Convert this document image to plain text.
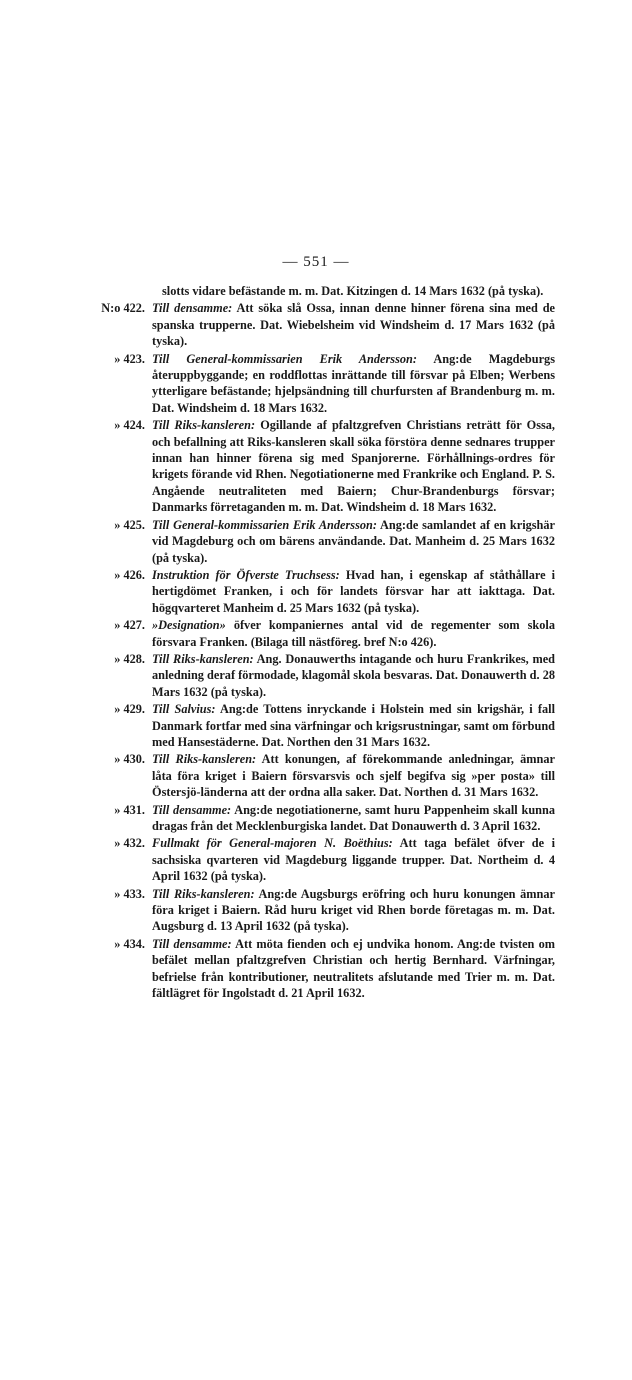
— 551 —
slotts vidare befästande m. m. Dat. Kitzingen d. 14 Mars 1632 (på tyska).
N:o 422. Till densamme: Att söka slå Ossa, innan denne hinner förena sina med de spanska trupperne. Dat. Wiebelsheim vid Windsheim d. 17 Mars 1632 (på tyska).
» 423. Till General-kommissarien Erik Andersson: Ang:de Magdeburgs återuppbyggande; en roddflottas inrättande till försvar på Elben; Werbens ytterligare befästande; hjelpsändning till churfursten af Brandenburg m. m. Dat. Windsheim d. 18 Mars 1632.
» 424. Till Riks-kansleren: Ogillande af pfaltzgrefven Christians reträtt för Ossa, och befallning att Riks-kansleren skall söka förstöra denne sednares trupper innan han hinner förena sig med Spanjorerne. Förhållnings-ordres för krigets förande vid Rhen. Negotiationerne med Frankrike och England. P. S. Angående neutraliteten med Baiern; Chur-Brandenburgs försvar; Danmarks förretaganden m. m. Dat. Windsheim d. 18 Mars 1632.
» 425. Till General-kommissarien Erik Andersson: Ang:de samlandet af en krigshär vid Magdeburg och om bärens användande. Dat. Manheim d. 25 Mars 1632 (på tyska).
» 426. Instruktion för Öfverste Truchsess: Hvad han, i egenskap af ståthållare i hertigdömet Franken, i och för landets försvar har att iakttaga. Dat. högqvarteret Manheim d. 25 Mars 1632 (på tyska).
» 427. »Designation» öfver kompaniernes antal vid de regementer som skola försvara Franken. (Bilaga till nästföreg. bref N:o 426).
» 428. Till Riks-kansleren: Ang. Donauwerths intagande och huru Frankrikes, med anledning deraf förmodade, klagomål skola besvaras. Dat. Donauwerth d. 28 Mars 1632 (på tyska).
» 429. Till Salvius: Ang:de Tottens inryckande i Holstein med sin krigshär, i fall Danmark fortfar med sina värfningar och krigsrustningar, samt om förbund med Hansestäderne. Dat. Northen den 31 Mars 1632.
» 430. Till Riks-kansleren: Att konungen, af förekommande anledningar, ämnar låta föra kriget i Baiern försvarsvis och sjelf begifva sig »per posta» till Östersjö-länderna att der ordna alla saker. Dat. Northen d. 31 Mars 1632.
» 431. Till densamme: Ang:de negotiationerne, samt huru Pappenheim skall kunna dragas från det Mecklenburgiska landet. Dat Donauwerth d. 3 April 1632.
» 432. Fullmakt för General-majoren N. Boëthius: Att taga befälet öfver de i sachsiska qvarteren vid Magdeburg liggande trupper. Dat. Northeim d. 4 April 1632 (på tyska).
» 433. Till Riks-kansleren: Ang:de Augsburgs eröfring och huru konungen ämnar föra kriget i Baiern. Råd huru kriget vid Rhen borde företagas m. m. Dat. Augsburg d. 13 April 1632 (på tyska).
» 434. Till densamme: Att möta fienden och ej undvika honom. Ang:de tvisten om befälet mellan pfaltzgrefven Christian och hertig Bernhard. Värfningar, befrielse från kontributioner, neutralitets afslutande med Trier m. m. Dat. fältlägret för Ingolstadt d. 21 April 1632.
